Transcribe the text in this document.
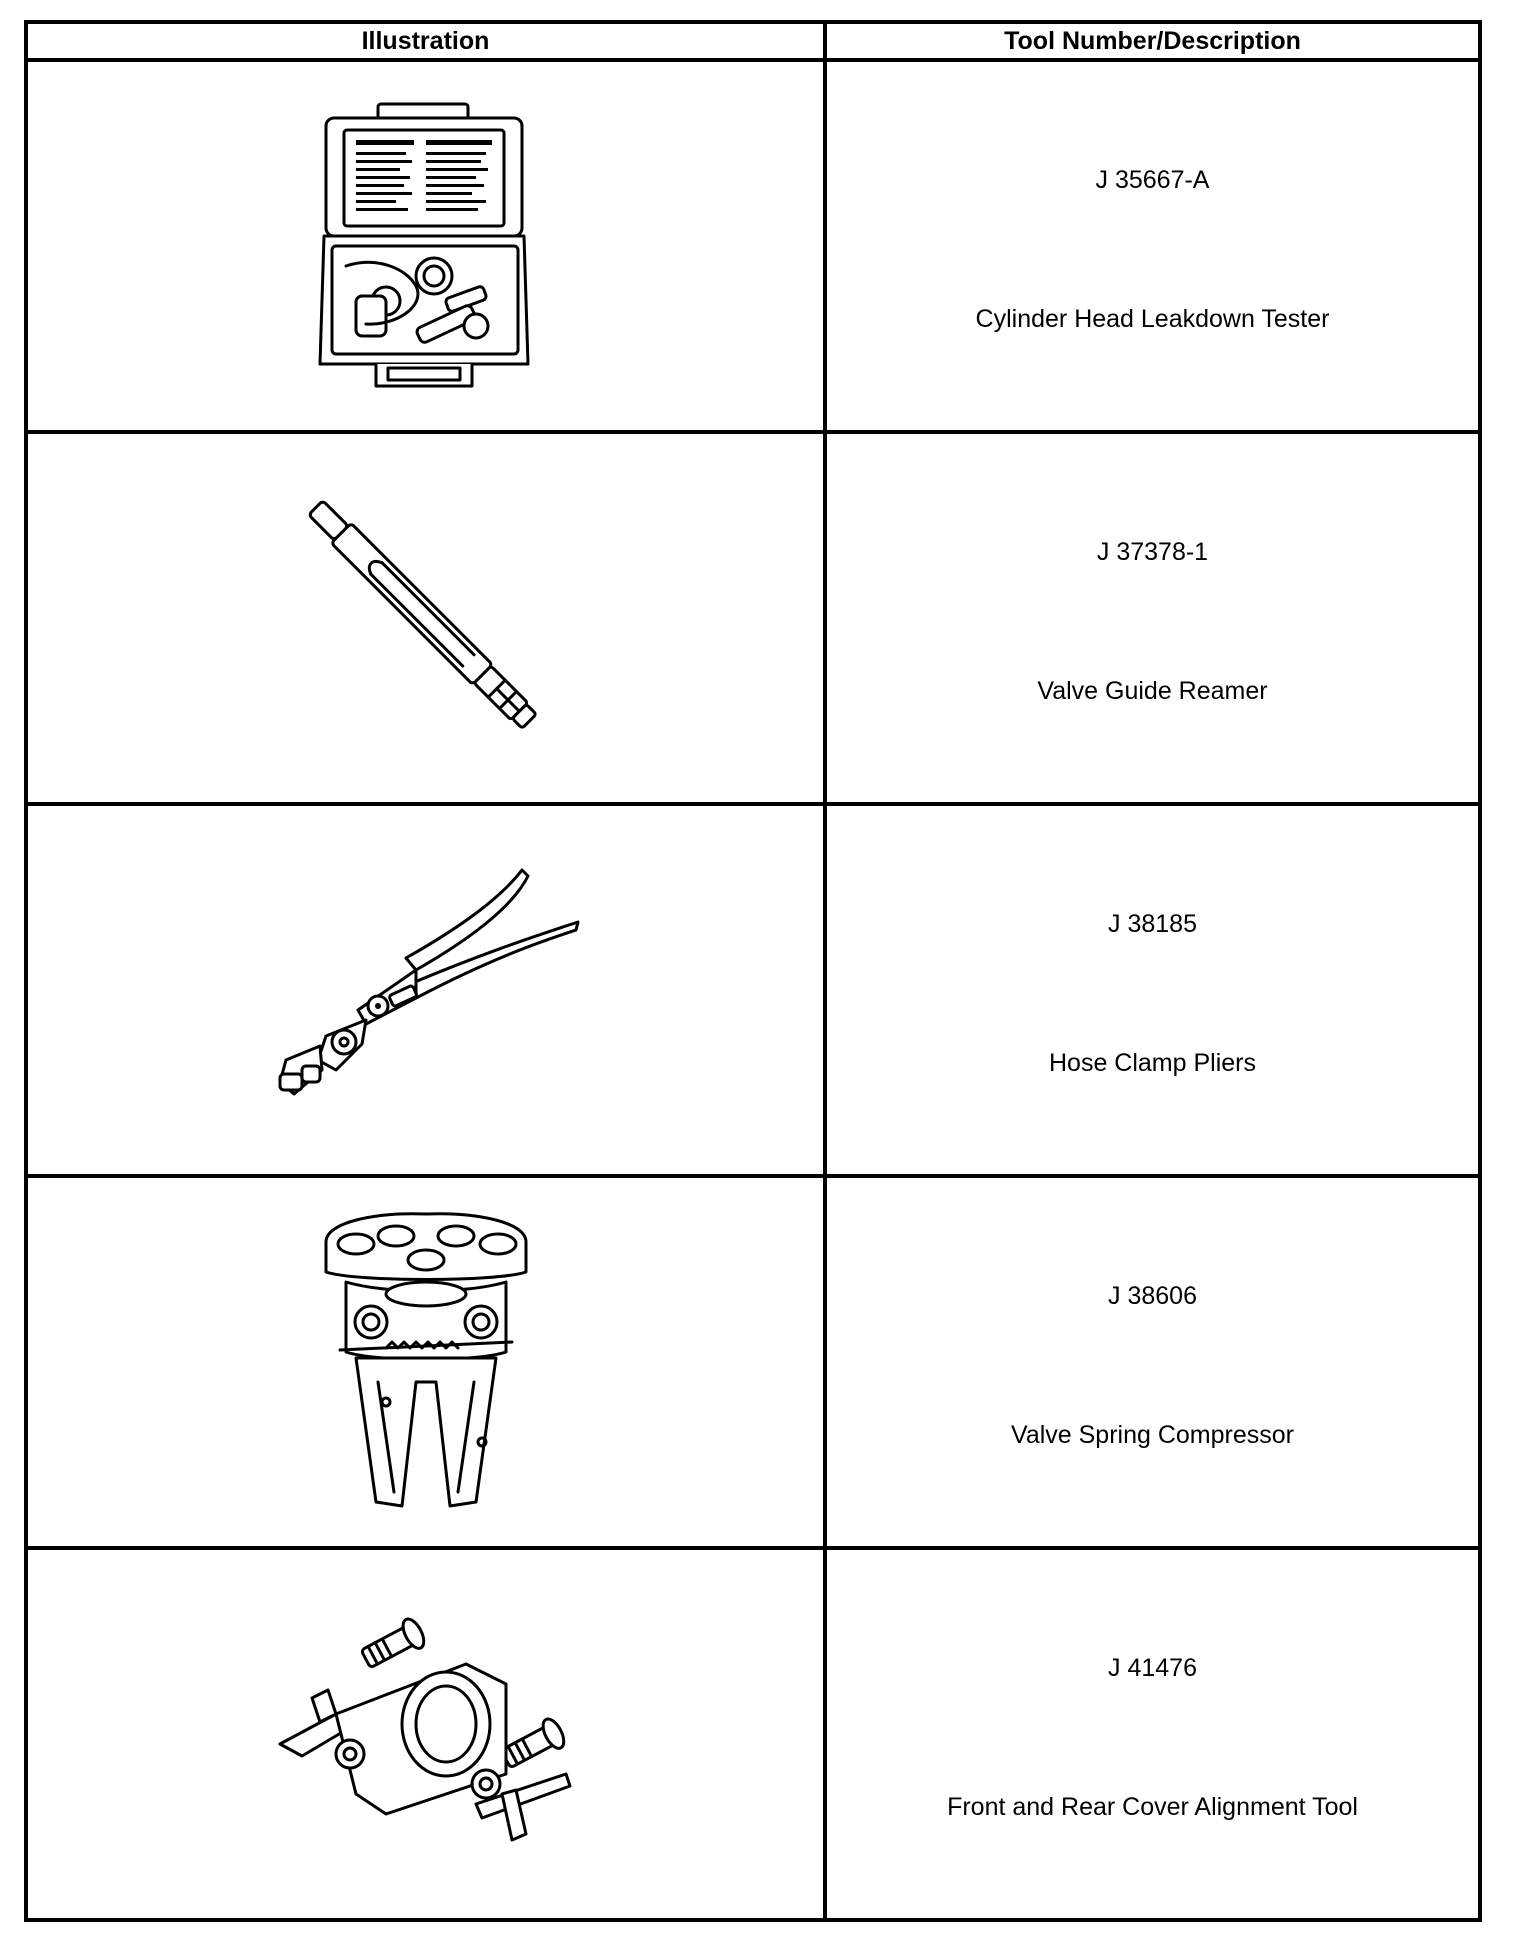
Illustration	Tool Number/Description

J 35667-A
Cylinder Head Leakdown Tester

J 37378-1
Valve Guide Reamer

J 38185
Hose Clamp Pliers

J 38606
Valve Spring Compressor

J 41476
Front and Rear Cover Alignment Tool
